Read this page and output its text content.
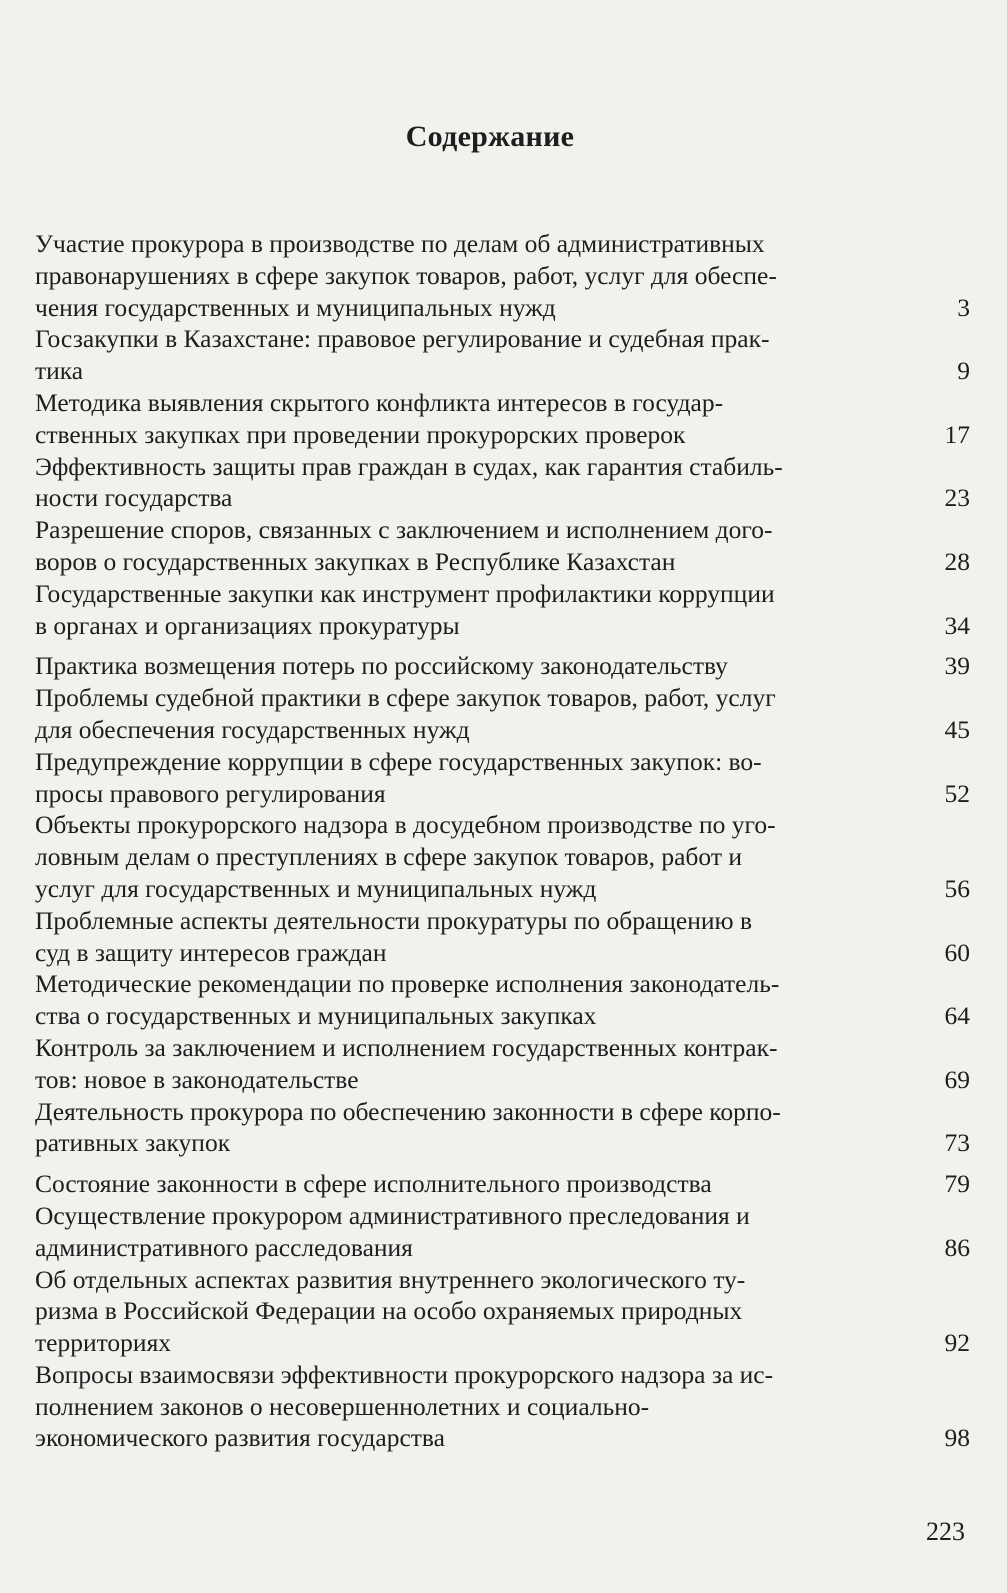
Содержание
Участие прокурора в производстве по делам об административных
правонарушениях в сфере закупок товаров, работ, услуг для обеспе-
чения государственных и муниципальных нужд	3
Госзакупки в Казахстане: правовое регулирование и судебная прак-
тика	9
Методика выявления скрытого конфликта интересов в государ-
ственных закупках при проведении прокурорских проверок	17
Эффективность защиты прав граждан в судах, как гарантия стабиль-
ности государства	23
Разрешение споров, связанных с заключением и исполнением дого-
воров о государственных закупках в Республике Казахстан	28
Государственные закупки как инструмент профилактики коррупции
в органах и организациях прокуратуры	34
Практика возмещения потерь по российскому законодательству	39
Проблемы судебной практики в сфере закупок товаров, работ, услуг
для обеспечения государственных нужд	45
Предупреждение коррупции в сфере государственных закупок: во-
просы правового регулирования	52
Объекты прокурорского надзора в досудебном производстве по уго-
ловным делам о преступлениях в сфере закупок товаров, работ и
услуг для государственных и муниципальных нужд	56
Проблемные аспекты деятельности прокуратуры по обращению в
суд в защиту интересов граждан	60
Методические рекомендации по проверке исполнения законодатель-
ства о государственных и муниципальных закупках	64
Контроль за заключением и исполнением государственных контрак-
тов: новое в законодательстве	69
Деятельность прокурора по обеспечению законности в сфере корпо-
ративных закупок	73
Состояние законности в сфере исполнительного производства	79
Осуществление прокурором административного преследования и
административного расследования	86
Об отдельных аспектах развития внутреннего экологического ту-
ризма в Российской Федерации на особо охраняемых природных
территориях	92
Вопросы взаимосвязи эффективности прокурорского надзора за ис-
полнением законов о несовершеннолетних и социально-
экономического развития государства	98
223
